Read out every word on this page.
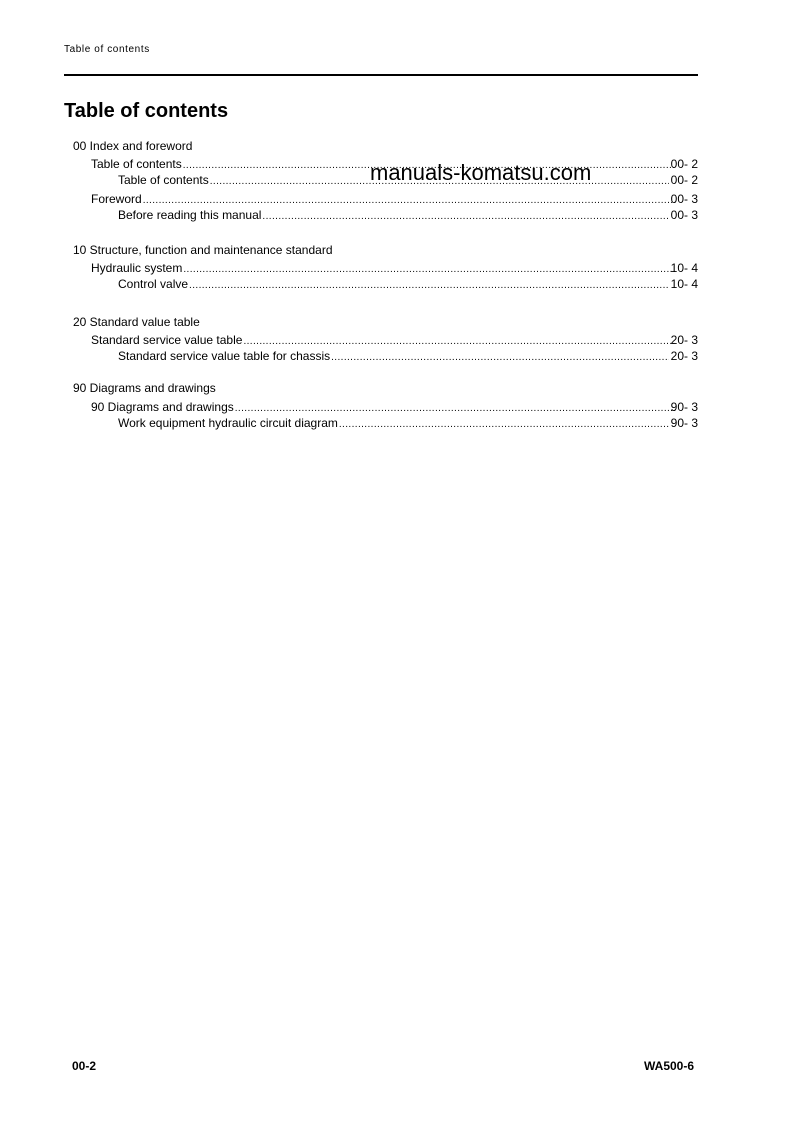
Table of contents
Table of contents
00 Index and foreword
Table of contents .....	00- 2
Table of contents .....	00- 2
Foreword .....	00- 3
Before reading this manual .....	00- 3
10 Structure, function and maintenance standard
Hydraulic system .....	10- 4
Control valve .....	10- 4
20 Standard value table
Standard service value table .....	20- 3
Standard service value table for chassis .....	20- 3
90 Diagrams and drawings
90 Diagrams and drawings .....	90- 3
Work equipment hydraulic circuit diagram .....	90- 3
manuals-komatsu.com
00-2	WA500-6
